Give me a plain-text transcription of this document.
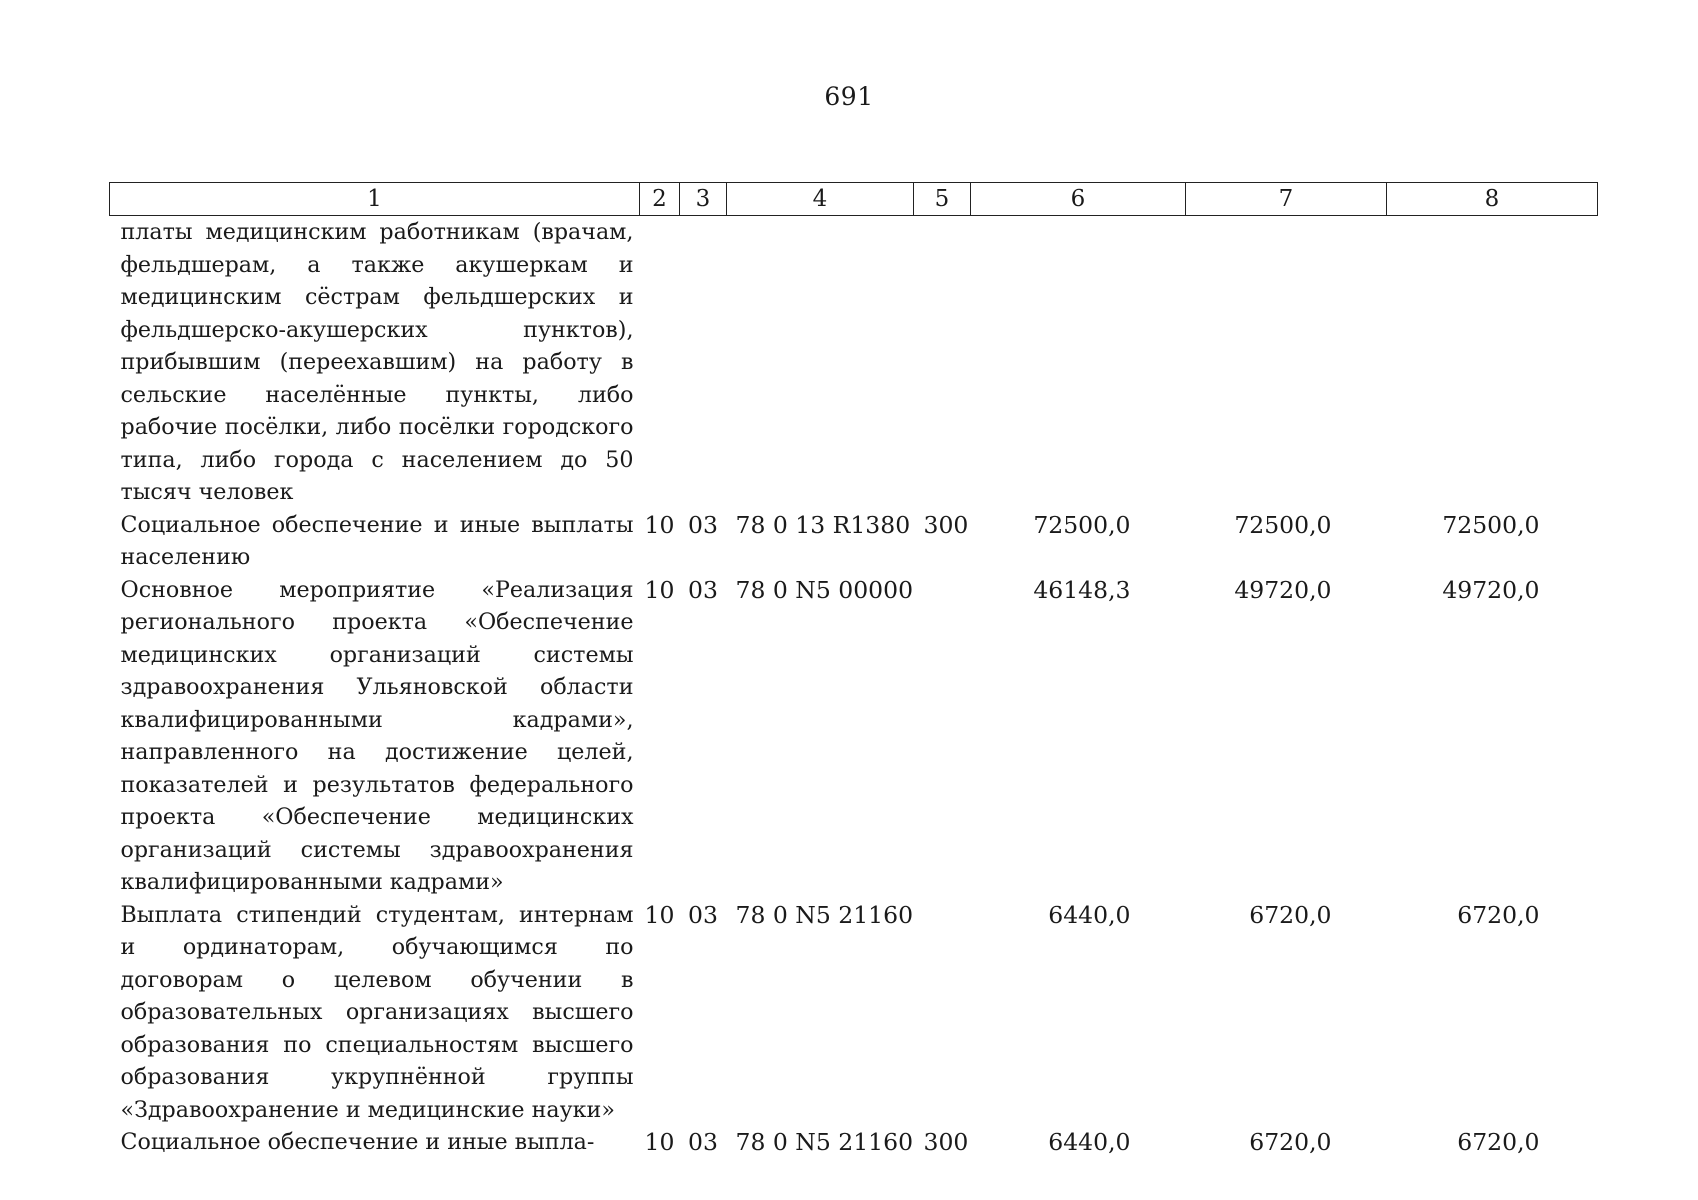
691
1	2	3	4	5	6	7	8
платы медицинским работникам (врачам, фельдшерам, а также акушеркам и медицинским сёстрам фельдшерских и фельдшерско-акушерских пунктов), прибывшим (переехавшим) на работу в сельские населённые пункты, либо рабочие посёлки, либо посёлки городского типа, либо города с населением до 50 тысяч человек							
Социальное обеспечение и иные выплаты населению	10	03	78 0 13 R1380	300	72500,0	72500,0	72500,0
Основное мероприятие «Реализация регионального проекта «Обеспечение медицинских организаций системы здравоохранения Ульяновской области квалифицированными кадрами», направленного на достижение целей, показателей и результатов федерального проекта «Обеспечение медицинских организаций системы здравоохранения квалифицированными кадрами»	10	03	78 0 N5 00000		46148,3	49720,0	49720,0
Выплата стипендий студентам, интернам и ординаторам, обучающимся по договорам о целевом обучении в образовательных организациях высшего образования по специальностям высшего образования укрупнённой группы «Здравоохранение и медицинские науки»	10	03	78 0 N5 21160		6440,0	6720,0	6720,0
Социальное обеспечение и иные выпла-	10	03	78 0 N5 21160	300	6440,0	6720,0	6720,0
